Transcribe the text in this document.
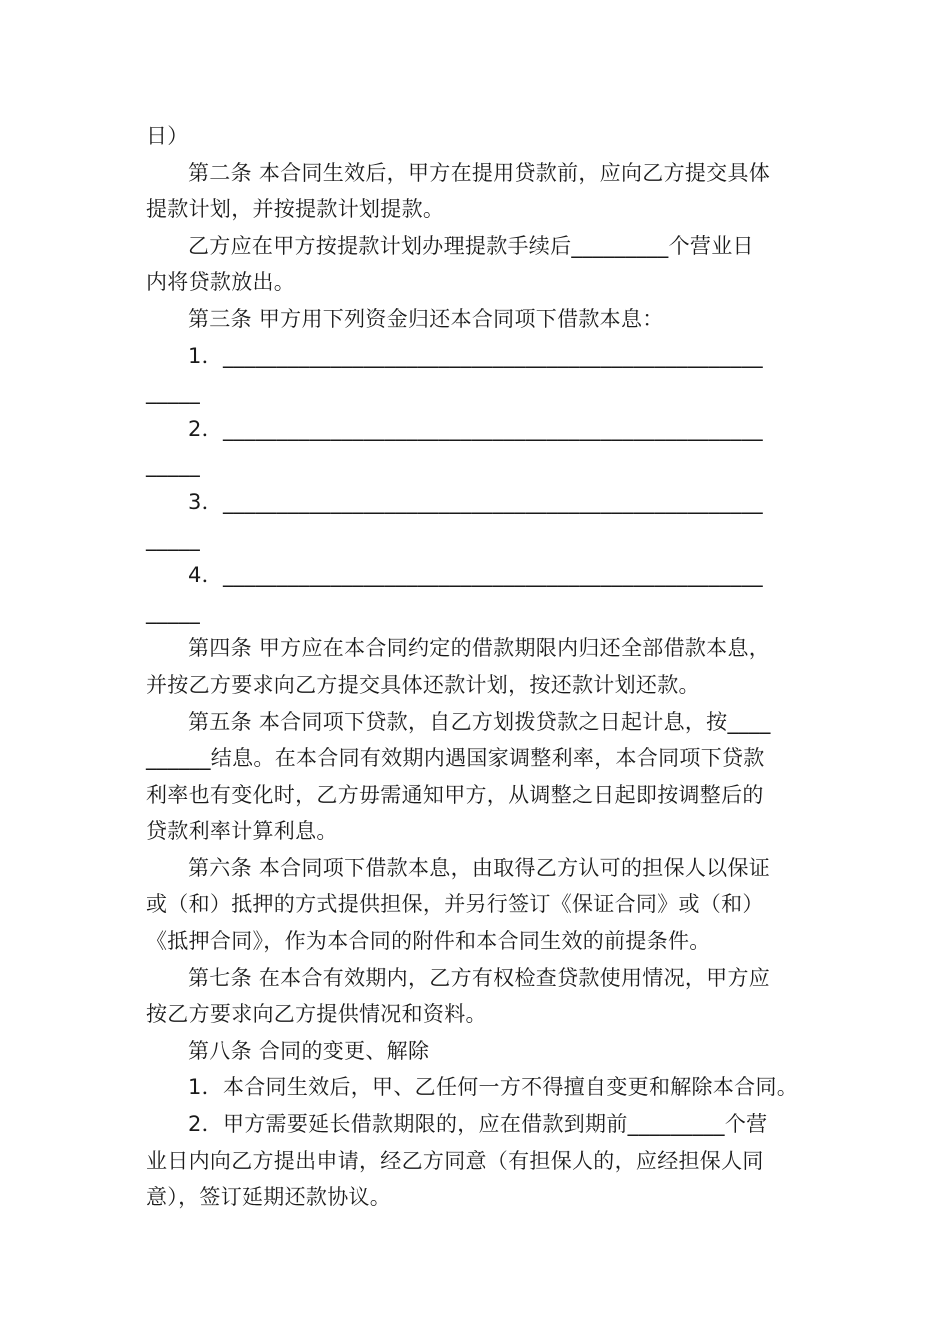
日）

第二条 本合同生效后，甲方在提用贷款前，应向乙方提交具体
提款计划，并按提款计划提款。

乙方应在甲方按提款计划办理提款手续后_________个营业日
内将贷款放出。

第三条 甲方用下列资金归还本合同项下借款本息：

1．__________________________________________________
_____

2．__________________________________________________
_____

3．__________________________________________________
_____

4．__________________________________________________
_____

第四条 甲方应在本合同约定的借款期限内归还全部借款本息，
并按乙方要求向乙方提交具体还款计划，按还款计划还款。

第五条 本合同项下贷款，自乙方划拨贷款之日起计息，按____
______结息。在本合同有效期内遇国家调整利率，本合同项下贷款
利率也有变化时，乙方毋需通知甲方，从调整之日起即按调整后的
贷款利率计算利息。

第六条 本合同项下借款本息，由取得乙方认可的担保人以保证
或（和）抵押的方式提供担保，并另行签订《保证合同》或（和）
《抵押合同》，作为本合同的附件和本合同生效的前提条件。

第七条 在本合有效期内，乙方有权检查贷款使用情况，甲方应
按乙方要求向乙方提供情况和资料。

第八条 合同的变更、解除

1．本合同生效后，甲、乙任何一方不得擅自变更和解除本合同。

2．甲方需要延长借款期限的，应在借款到期前_________个营
业日内向乙方提出申请，经乙方同意（有担保人的，应经担保人同
意），签订延期还款协议。
